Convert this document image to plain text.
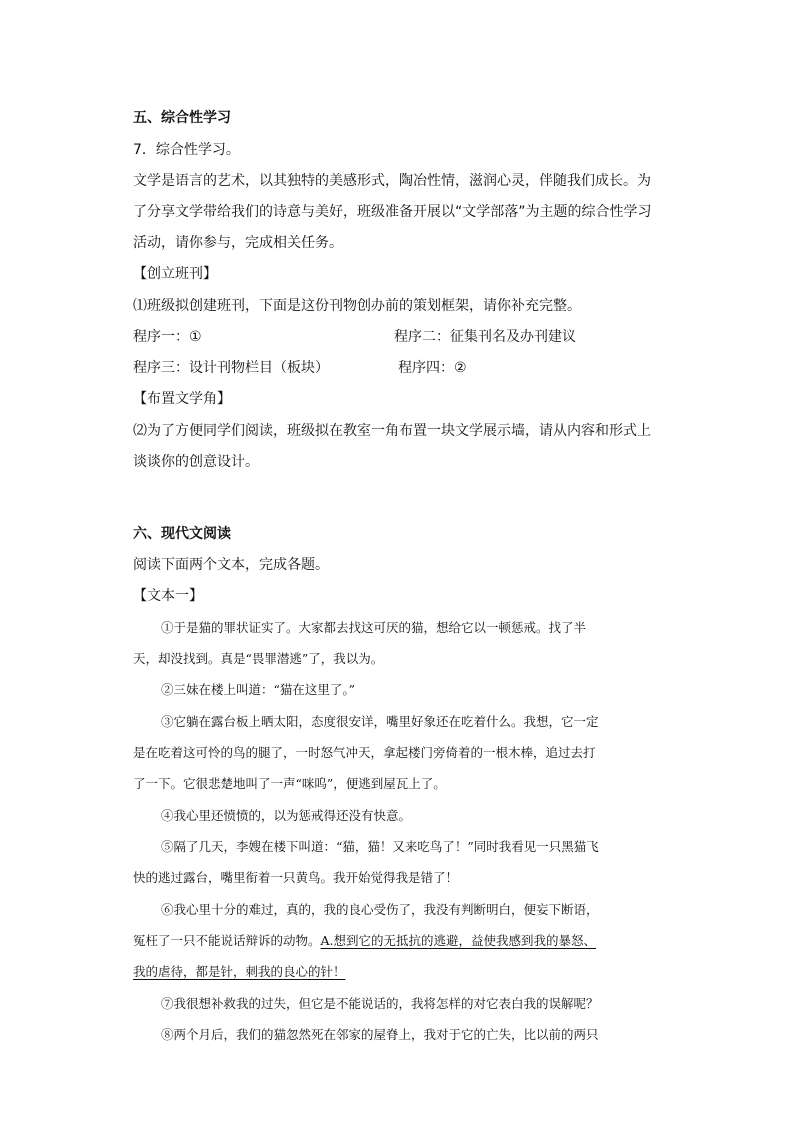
五、综合性学习
7．综合性学习。
文学是语言的艺术，以其独特的美感形式，陶冶性情，滋润心灵，伴随我们成长。为
了分享文学带给我们的诗意与美好，班级准备开展以“文学部落”为主题的综合性学习
活动，请你参与，完成相关任务。
【创立班刊】
⑴班级拟创建班刊，下面是这份刊物创办前的策划框架，请你补充完整。
程序一：①	程序二：征集刊名及办刊建议
程序三：设计刊物栏目（板块）	程序四：②
【布置文学角】
⑵为了方便同学们阅读，班级拟在教室一角布置一块文学展示墙，请从内容和形式上
谈谈你的创意设计。
六、现代文阅读
阅读下面两个文本，完成各题。
【文本一】
①于是猫的罪状证实了。大家都去找这可厌的猫，想给它以一顿惩戒。找了半
天，却没找到。真是“畏罪潜逃”了，我以为。
②三妹在楼上叫道：“猫在这里了。”
③它躺在露台板上晒太阳，态度很安详，嘴里好象还在吃着什么。我想，它一定
是在吃着这可怜的鸟的腿了，一时怒气冲天，拿起楼门旁倚着的一根木棒，追过去打
了一下。它很悲楚地叫了一声“咪呜”，便逃到屋瓦上了。
④我心里还愤愤的，以为惩戒得还没有快意。
⑤隔了几天，李嫂在楼下叫道：“猫，猫！又来吃鸟了！”同时我看见一只黑猫飞
快的逃过露台，嘴里衔着一只黄鸟。我开始觉得我是错了！
⑥我心里十分的难过，真的，我的良心受伤了，我没有判断明白，便妄下断语，
冤枉了一只不能说话辩诉的动物。A.想到它的无抵抗的逃避，益使我感到我的暴怒、
我的虐待，都是针，刺我的良心的针！
⑦我很想补救我的过失，但它是不能说话的，我将怎样的对它表白我的误解呢？
⑧两个月后，我们的猫忽然死在邻家的屋脊上，我对于它的亡失，比以前的两只
